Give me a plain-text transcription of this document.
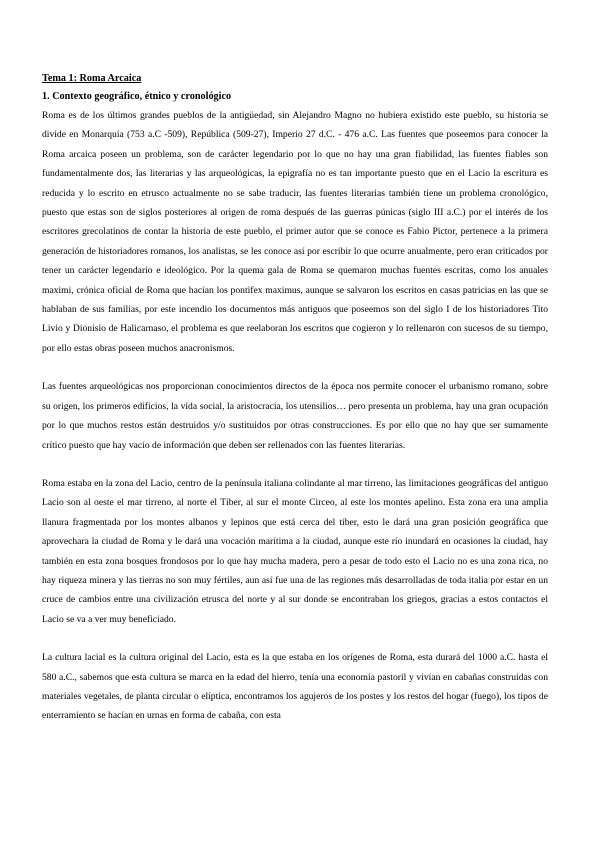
Tema 1: Roma Arcaica
1. Contexto geográfico, étnico y cronológico

Roma es de los últimos grandes pueblos de la antigüedad, sin Alejandro Magno no hubiera existido este pueblo, su historia se divide en Monarquía (753 a.C -509), República (509-27), Imperio 27 d.C. - 476 a.C. Las fuentes que poseemos para conocer la Roma arcaica poseen un problema, son de carácter legendario por lo que no hay una gran fiabilidad, las fuentes fiables son fundamentalmente dos, las literarias y las arqueológicas, la epigrafía no es tan importante puesto que en el Lacio la escritura es reducida y lo escrito en etrusco actualmente no se sabe traducir, las fuentes literarias también tiene un problema cronológico, puesto que estas son de siglos posteriores al origen de roma después de las guerras púnicas (siglo III a.C.) por el interés de los escritores grecolatinos de contar la historia de este pueblo, el primer autor que se conoce es Fabio Pictor, pertenece a la primera generación de historiadores romanos, los analistas, se les conoce así por escribir lo que ocurre anualmente, pero eran criticados por tener un carácter legendario e ideológico. Por la quema gala de Roma se quemaron muchas fuentes escritas, como los anuales maximi, crónica oficial de Roma que hacían los pontifex maximus, aunque se salvaron los escritos en casas patricias en las que se hablaban de sus familias, por este incendio los documentos más antiguos que poseemos son del siglo I de los historiadores Tito Livio y Dionisio de Halicarnaso, el problema es que reelaboran los escritos que cogieron y lo rellenaron con sucesos de su tiempo, por ello estas obras poseen muchos anacronismos.

Las fuentes arqueológicas nos proporcionan conocimientos directos de la época nos permite conocer el urbanismo romano, sobre su origen, los primeros edificios, la vida social, la aristocracia, los utensilios… pero presenta un problema, hay una gran ocupación por lo que muchos restos están destruidos y/o sustituidos por otras construcciones. Es por ello que no hay que ser sumamente crítico puesto que hay vacío de información que deben ser rellenados con las fuentes literarias.

Roma estaba en la zona del Lacio, centro de la península italiana colindante al mar tirreno, las limitaciones geográficas del antiguo Lacio son al oeste el mar tirreno, al norte el Tíber, al sur el monte Circeo, al este los montes apelino. Esta zona era una amplia llanura fragmentada por los montes albanos y lepinos que está cerca del tíber, esto le dará una gran posición geográfica que aprovechara la ciudad de Roma y le dará una vocación marítima a la ciudad, aunque este río inundará en ocasiones la ciudad, hay también en esta zona bosques frondosos por lo que hay mucha madera, pero a pesar de todo esto el Lacio no es una zona rica, no hay riqueza minera y las tierras no son muy fértiles, aun así fue una de las regiones más desarrolladas de toda italia por estar en un cruce de cambios entre una civilización etrusca del norte y al sur donde se encontraban los griegos, gracias a estos contactos el Lacio se va a ver muy beneficiado.

La cultura lacial es la cultura original del Lacio, esta es la que estaba en los orígenes de Roma, esta durará del 1000 a.C. hasta el 580 a.C., sabemos que esta cultura se marca en la edad del hierro, tenía una economía pastoril y vivían en cabañas construidas con materiales vegetales, de planta circular o elíptica, encontramos los agujeros de los postes y los restos del hogar (fuego), los tipos de enterramiento se hacían en urnas en forma de cabaña, con esta
